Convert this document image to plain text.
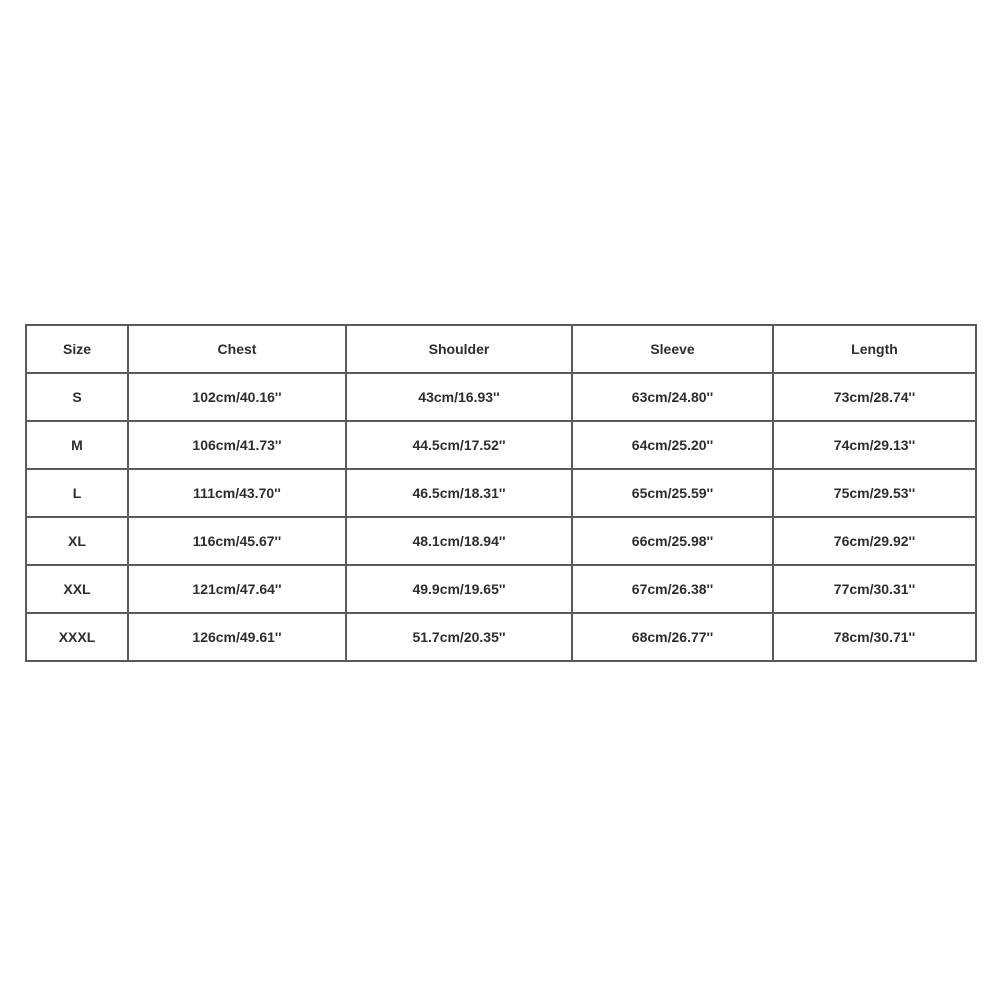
Size	Chest	Shoulder	Sleeve	Length
S	102cm/40.16''	43cm/16.93''	63cm/24.80''	73cm/28.74''
M	106cm/41.73''	44.5cm/17.52''	64cm/25.20''	74cm/29.13''
L	111cm/43.70''	46.5cm/18.31''	65cm/25.59''	75cm/29.53''
XL	116cm/45.67''	48.1cm/18.94''	66cm/25.98''	76cm/29.92''
XXL	121cm/47.64''	49.9cm/19.65''	67cm/26.38''	77cm/30.31''
XXXL	126cm/49.61''	51.7cm/20.35''	68cm/26.77''	78cm/30.71''
